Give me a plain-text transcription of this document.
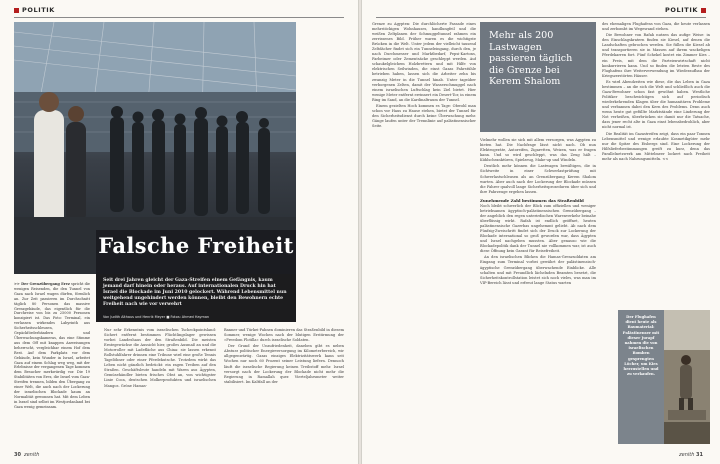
POLITIK
Falsche Freiheit
Seit drei Jahren gleicht der Gaza-Streifen einem Gefängnis, kaum jemand darf hinein oder heraus. Auf internationalen Druck hin hat Israel die Blockade im Juni 2010 gelockert. Während Lebensmittel nun weitgehend ungehindert werden können, bleibt den Bewohnern echte Freiheit nach wie vor verwehrt
Von Judith Althaus und Henrik Meyer ■ Fotos: Ahmed Hayman
>> Der Grenzübergang Erez spricht die wenigen Reisenden, die den Tunnel von Gaza nach Israel wagen dürfen, förmlich an. Zur Zeit passieren im Durchschnitt täglich 80 Personen das massive Grenzgebäude, das eigentlich für die Durchreise von bis zu 25000 Personen konzipiert ist. Das Foto: Terminal, ein verlassen wirkendes Labyrinth aus Sicherheitsschleusen, Gepäckförderbändern und Überwachungskameras, das eine Stimme aus dem Off mit knappen Anweisungen beherrscht, vergleichbar einem Hof dem Rest. Auf dem Parkplatz vor dem Gebäude, kein Wunder in Israel, arbeitet Gaza auf einem Schlag weg weg, mit der Erlebnisse der vergangenen Tage kommen dem Besucher merkwürdig vor. Die 19 Stabilitäten von Erez, die Israel vom Gaza-Streifen trennen, bilden den Übergang zu einer Welt, die auch nach der Lockerung der israelischen Blockade kaum an Normalität gewonnen hat. Mit dem Leben in Israel sind selbst im Westjordanland bei Gaza wenig gemeinsam.

Nur sehr Erkenntnis vom israelischen Tscheckpointsland: Sichert entfernt bestimmen Flüchtlingslager gewissen vorbei Landeshaus der den Straßenbild. Die meisten Erntegewächse die Aussicht hier, großes Ausmaß an und die Motorroller mit Ladefläche aus China: sie lassen erkennt Rollstuhlfahrer drinnen eine Tribune wird eine große Tennis Tagelöhner oder einer Pferdekutsche. Trotzdem wirkt das Leben nicht gänzlich bedrückt: ein ragen Treiben auf den Straßen. Geschäftsleute handeln mit Waren aus Ägypten, Gemüsehändler bieten frisches Obst an, von wichtigster Linie Coca, deutschen Molkerprodukten und israelischen Mangos. Gröne Hamas-

Banner und Türkei-Fahnen dominieren das Straßenbild in diesem Sommer, wenige Wochen nach der blutigen Erstürmung der »Freedom Flotilla« durch israelische Soldaten.

Der Grund der Unzufriedenheit, daneben gibt es neben Absturz politischer Energieversorgung im Kilometerbereich, wir allgegenwärtig. Gazas einziges Elektrizitätswerk kann seit Wochen nur noch 60 Prozent seiner Leistung liefern. Dennoch läuft die israelische Regierung keinen Treibstoff mehr. Israel versorgt nach der Lockerung der Blockade nicht mehr die Regierung in Ramallah quer. Vierteljahrsmeter weiter stabilisiert. Im Kaltfall an der

30 zenith
POLITIK

Grenze zu Ägypten: Die durchlöcherte Fassade eines mehrstöckigen Wohnhauses, handlungfeil und die weißen Zeltplanen der Schmuggeltunnel rahmen ein zerrissenes Bild. Früher waren es die wichtigste Brücken in die Welt. Unter jedem der vielleicht tausend Zeltdächer findet sich ein Tunneleingang, durch den, je nach Durchmesser und Marktbedarf, Pepsi-Kartons, Farbeimer oder Zementsäcke geschleppt werden. Auf schaukelgleichem Holzbrettern und mit Hilfe von elektrischen Seilwinden, die einst Gazas Fahrstühle betrieben haben, lassen sich die Arbeiter zehn bis zwanzig Meter in die Tunnel hinab. Unter tagsüber verborgenen Zelten, damit der Wasserschmuggel nach einem israelischen Luftschlag kein Ziel bietet. Hier wenige Meter entfernt errinnert ein Desert-Tor, in einem Ring im Sand, an die Kardinaltraum der Tunnel.

Einem gezielten Hoch kommen es Tage: Obwohl man schon vor Haus zu Hause stehen, bietet der Tunnel für den Sicherheitsdienst durch keine Überwachung mehr. Gänge laufen unter der Trennlinie auf palästinensischer Seite.

Mehr als 200 Lastwagen passieren täglich die Grenze bei Kerem Shalom

Vielmehr wollen sie sich mit allem versorgen, was Ägypten zu bieten hat. Die Nachfrage lässt nicht nach. Ob nun Elektrogeräte, Autoreifen, Zigaretten, Weizen, was er fragen kann. Und so wird geschleppt, was das Zeug hält – Kühlschranktüren, Spielzeug, Make-up und Windeln.

Deutlich mehr können die Lastwagen bewältigen, die in Sichtweite in einer Schwerlastprüfung mit Schwerlastschleusen als an Grenzübergang Kerem Shalom warten. Aber auch nach der Lockerung der Blockade müssen die Fahrer qualvoll lange Sicherheitsprozeduren über sich und ihre Fahrzeuge ergehen lassen.

Zunehmende Zahl bestimmen das Straßenbild

Noch bleibt schwerlich der Blick zum offiziellen und weniger betriebsamen ägyptisch-palästinensischen Grenzübergang – der angeblich den regen unterirdischen Warenverkehr beinahe überflüssig wirkt. Rafah ist endlich geöffnet, heuten palästinensische Gazerbas ungehemmt geliebt. Ab nach dem Fünfzig-Zweischritt findet sich der Druck zur Lockerung der Blockade international so groß geworden war, dass Ägypten und Israel nachgeben mussten. Aber genauso wie die Blockadepolitik dank der Tunnel nie vollkommen war, ist auch diese Öffnung kein Garant für Reisefreiheit.

An den israelischen Blicken die Hamas-Grenzsoldaten am Eingang zum Terminal vorbei gewährt der palästinensisch-ägyptische Grenzübergang überwachende Einblicke. Alle schalten und mit Freundlich lächelnden Beamten besetzt, die Sicherheitskontrollstation leistet sich noch vieles, was man im VIP-Bereich lässt und erfreut lange Status warten

des ehemaligen Flughafens von Gaza, die heute verlassen und zerbombt im Wegesrand stehen.

Die Bewohner von Rafah nutzen das aufige Weise: in den Einschlagskratern finden sie Kiesel, auf denen die Landschaften gebrochen werden. Sie füllen die Kiesel ab und transportieren sie in Massen auf ihrem wackeligen Pferdekarren fort. Fünf Schekel kostet ein Zimmer Kies – ein Preis, mit dem die Parteienwirtschaft nicht konkurrieren kann. Und so finden die letzten Reste des Flughafens ihre Weiterverwendung im Wiederaufbau der Kriegszerstörten Häuser.

Es wird Abendzeiten wie diese, die das Leben in Gaza bestimmen – an die sich die Welt und schließlich auch die Gaza-Bewohner schon fast gewöhnt haben. Westliche Politiker beschwichtigen sich auf periodisch wiederkehrenden Klagen über die humanitären Probleme und verbannen dabei den Kern des Problems. Denn auch wenn heute gut gefüllte Marktstände eine Linderung der Not verheißen, überbrücken sie damit nur die Tatsache, dass jener recht alte in Gaza einst lebensbedrohlich, aber nicht normal ist.

Die Realität im Gazastreifen zeigt, dass ein paar Tonnen Lebensmittel und wenige erlaubte Kosmetikgüter mehr nur die Spitze des Eisbergs sind. Eine Lockerung der Hilfslieferbestimmungen greift zu kurz, denn das Parallelnetzwerk am Mittelmeer lockert nach Freiheit mehr als nach Nahrungsmitteln. <<

Der Flughafen dient heute als Baumaterial: Palästinenser mit dieser Jurapf nahmen die von israelischen Bomben gesprengten Löcher, um Kies herzustellen und zu verkaufen.
zenith 31
